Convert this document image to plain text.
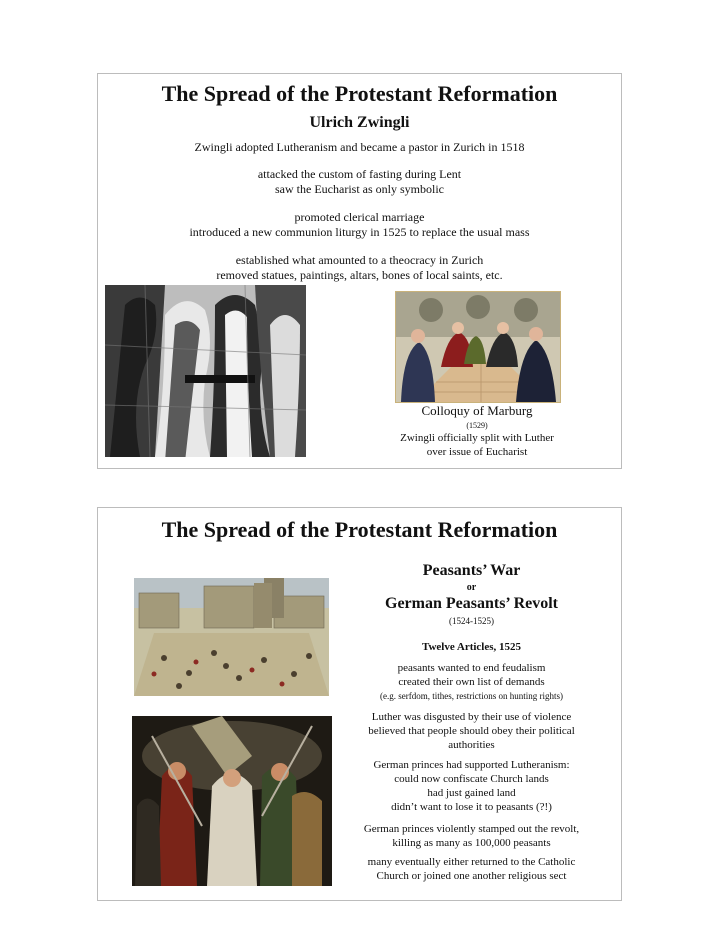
The Spread of the Protestant Reformation
Ulrich Zwingli
Zwingli adopted Lutheranism and became a pastor in Zurich in 1518
attacked the custom of fasting during Lent
saw the Eucharist as only symbolic
promoted clerical marriage
introduced a new communion liturgy in 1525 to replace the usual mass
established what amounted to a theocracy in Zurich
removed statues, paintings, altars, bones of local saints, etc.
Colloquy of Marburg
(1529)
Zwingli officially split with Luther
over issue of Eucharist
The Spread of the Protestant Reformation
Peasants’ War
or
German Peasants’ Revolt
(1524-1525)
Twelve Articles, 1525
peasants wanted to end feudalism
created their own list of demands
(e.g. serfdom, tithes, restrictions on hunting rights)
Luther was disgusted by their use of violence
believed that people should obey their political
authorities
German princes had supported Lutheranism:
could now confiscate Church lands
had just gained land
didn’t want to lose it to peasants (?!)
German princes violently stamped out the revolt,
killing as many as 100,000 peasants
many eventually either returned to the Catholic
Church or joined one another religious sect
